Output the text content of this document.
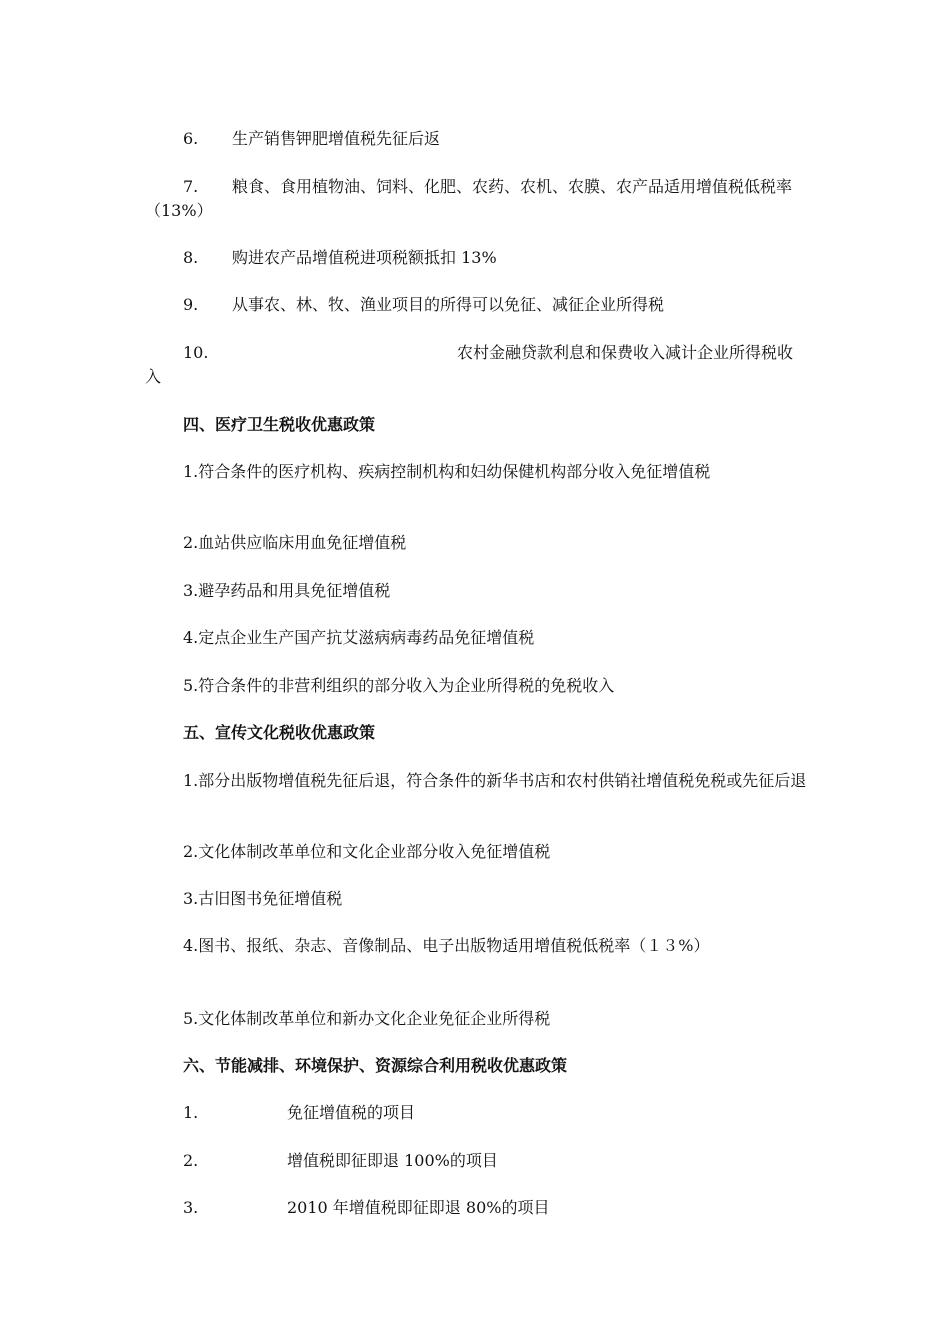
6. 生产销售钾肥增值税先征后返

7. 粮食、食用植物油、饲料、化肥、农药、农机、农膜、农产品适用增值税低税率（13%）

8. 购进农产品增值税进项税额抵扣 13%

9. 从事农、林、牧、渔业项目的所得可以免征、减征企业所得税

10.	农村金融贷款利息和保费收入减计企业所得税收入

四、医疗卫生税收优惠政策

1.符合条件的医疗机构、疾病控制机构和妇幼保健机构部分收入免征增值税

2.血站供应临床用血免征增值税

3.避孕药品和用具免征增值税

4.定点企业生产国产抗艾滋病病毒药品免征增值税

5.符合条件的非营利组织的部分收入为企业所得税的免税收入

五、宣传文化税收优惠政策

1.部分出版物增值税先征后退，符合条件的新华书店和农村供销社增值税免税或先征后退

2.文化体制改革单位和文化企业部分收入免征增值税

3.古旧图书免征增值税

4.图书、报纸、杂志、音像制品、电子出版物适用增值税低税率（１３%）

5.文化体制改革单位和新办文化企业免征企业所得税

六、节能减排、环境保护、资源综合利用税收优惠政策

1.	免征增值税的项目

2.	增值税即征即退 100%的项目

3.	2010 年增值税即征即退 80%的项目
